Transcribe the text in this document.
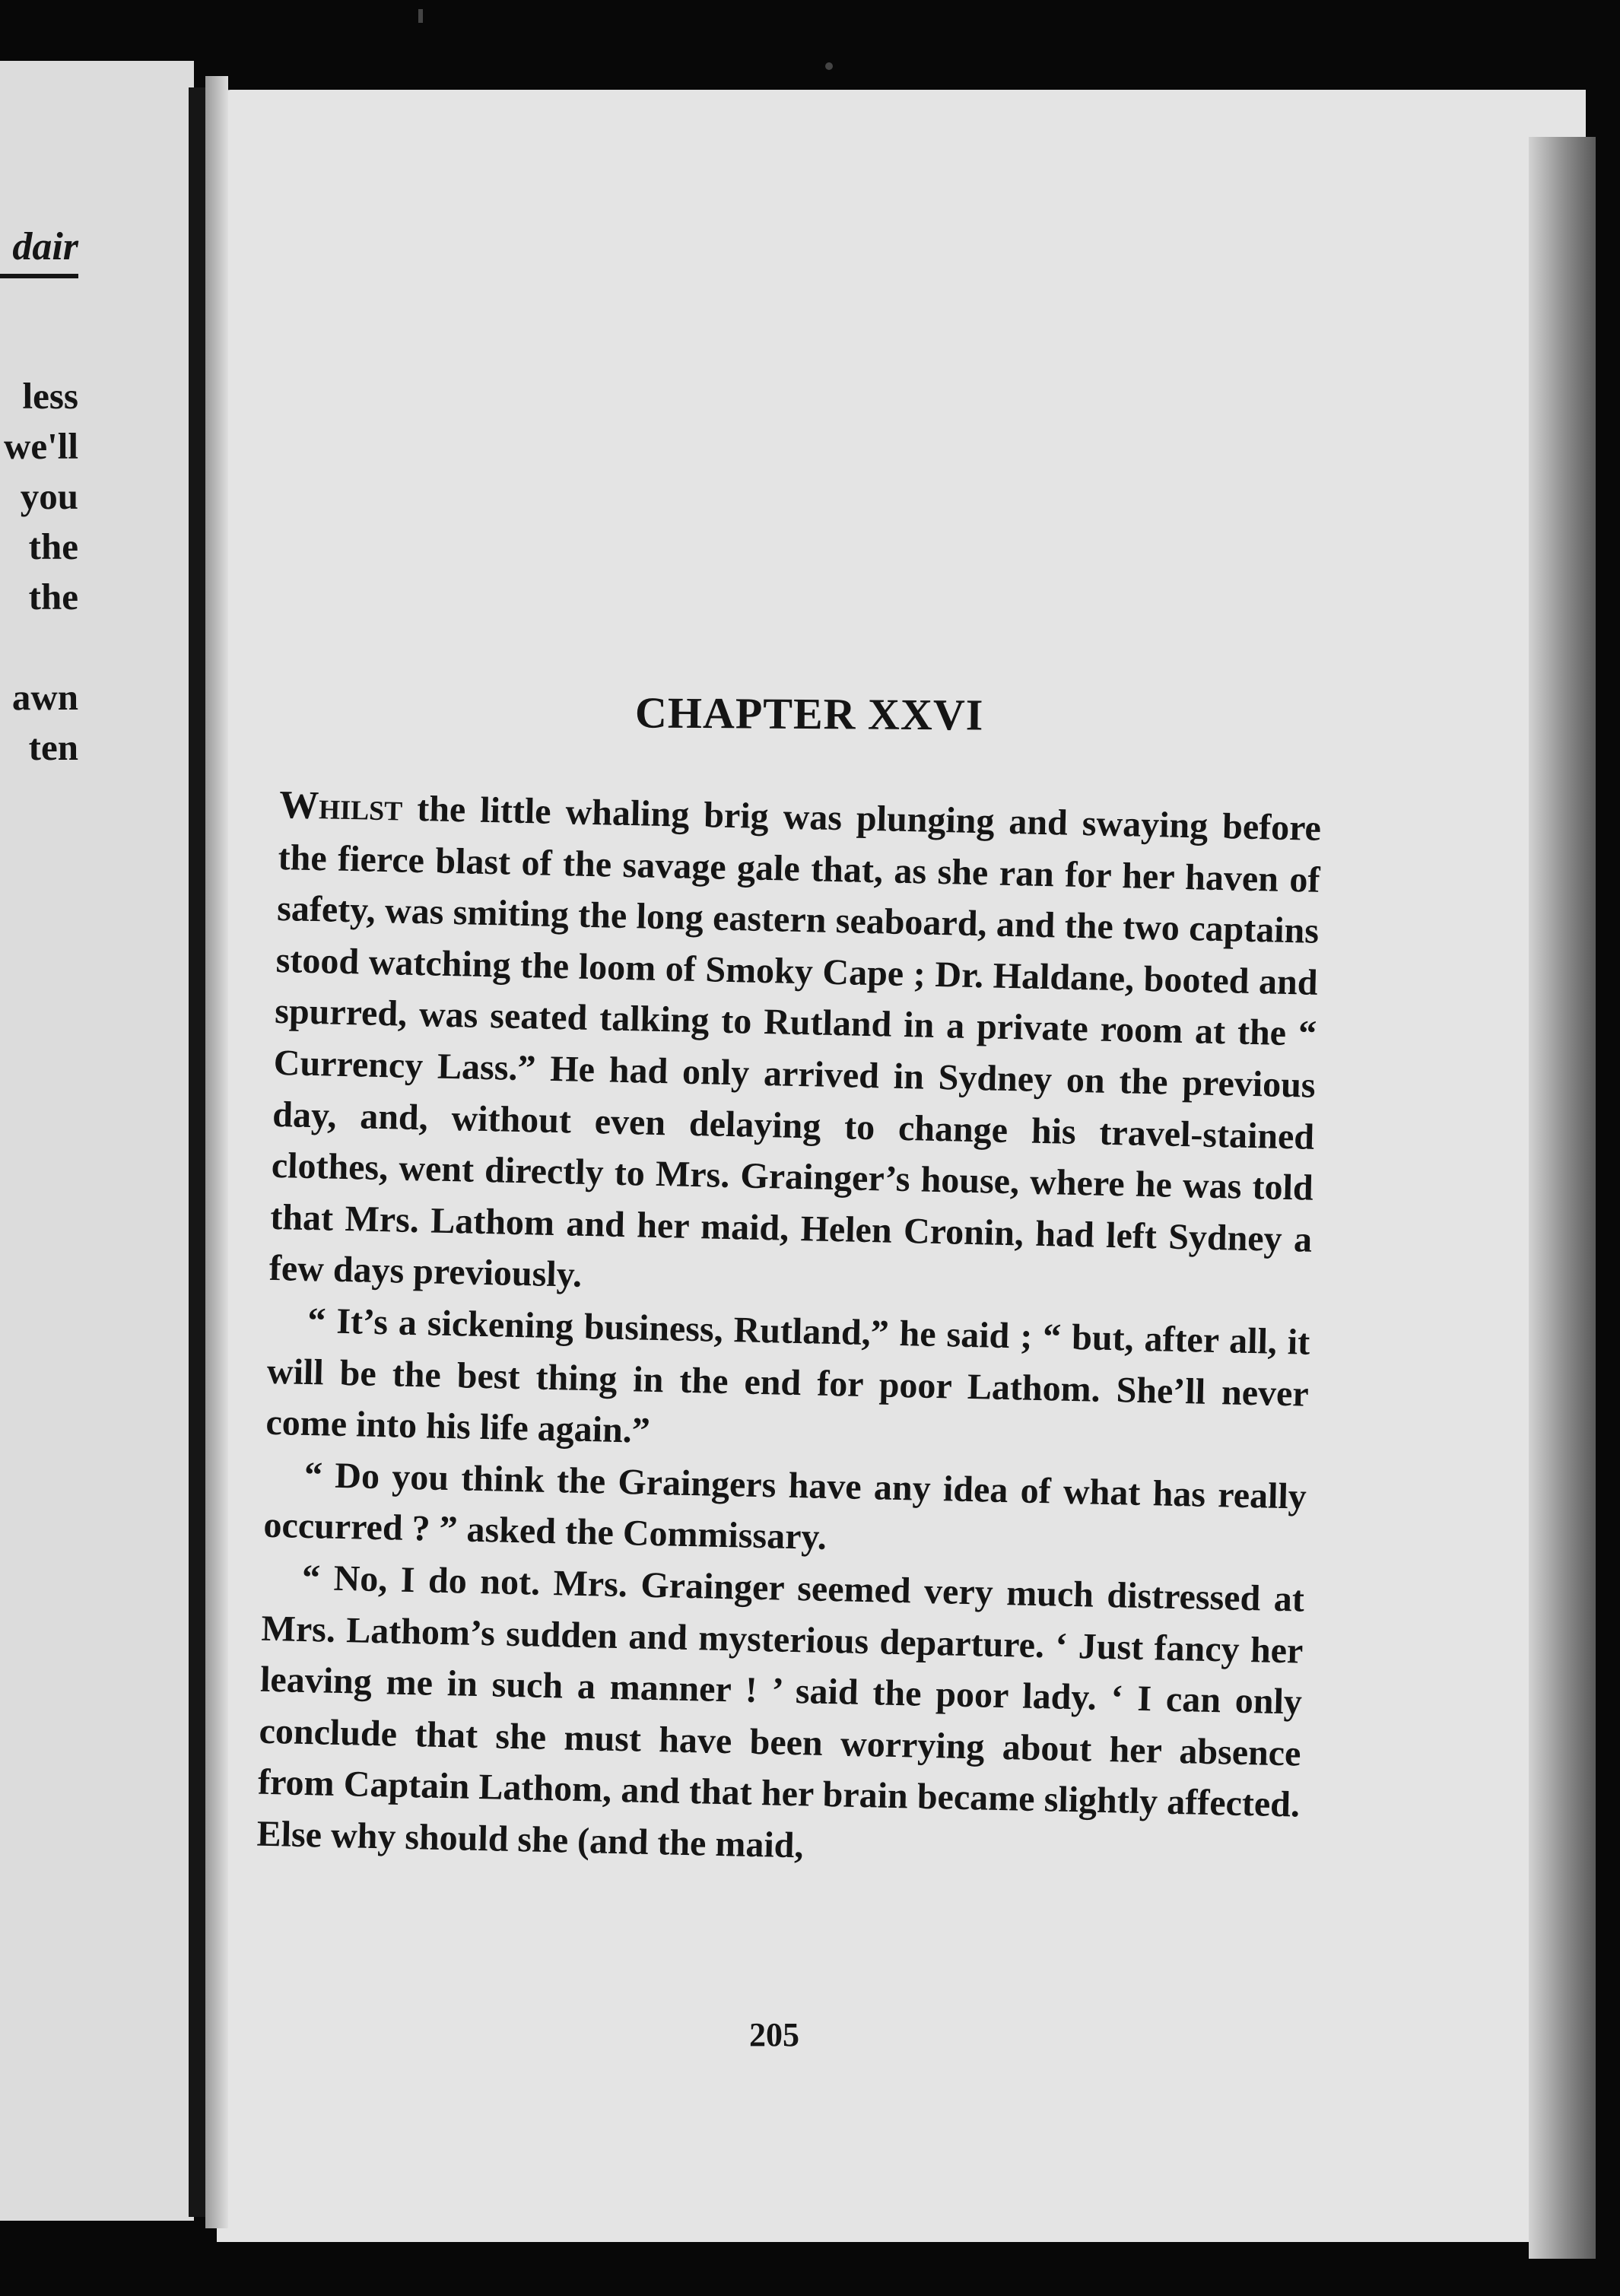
dair
less
we'll
you
the
the
awn
ten
CHAPTER XXVI

Whilst the little whaling brig was plunging and swaying before the fierce blast of the savage gale that, as she ran for her haven of safety, was smiting the long eastern seaboard, and the two captains stood watching the loom of Smoky Cape ; Dr. Haldane, booted and spurred, was seated talking to Rutland in a private room at the “ Currency Lass.” He had only arrived in Sydney on the previous day, and, without even delaying to change his travel-stained clothes, went directly to Mrs. Grainger’s house, where he was told that Mrs. Lathom and her maid, Helen Cronin, had left Sydney a few days previously.

“ It’s a sickening business, Rutland,” he said ; “ but, after all, it will be the best thing in the end for poor Lathom. She’ll never come into his life again.”

“ Do you think the Graingers have any idea of what has really occurred ? ” asked the Commissary.

“ No, I do not. Mrs. Grainger seemed very much distressed at Mrs. Lathom’s sudden and mysterious departure. ‘ Just fancy her leaving me in such a manner ! ’ said the poor lady. ‘ I can only conclude that she must have been worrying about her absence from Captain Lathom, and that her brain became slightly affected. Else why should she (and the maid,

205
